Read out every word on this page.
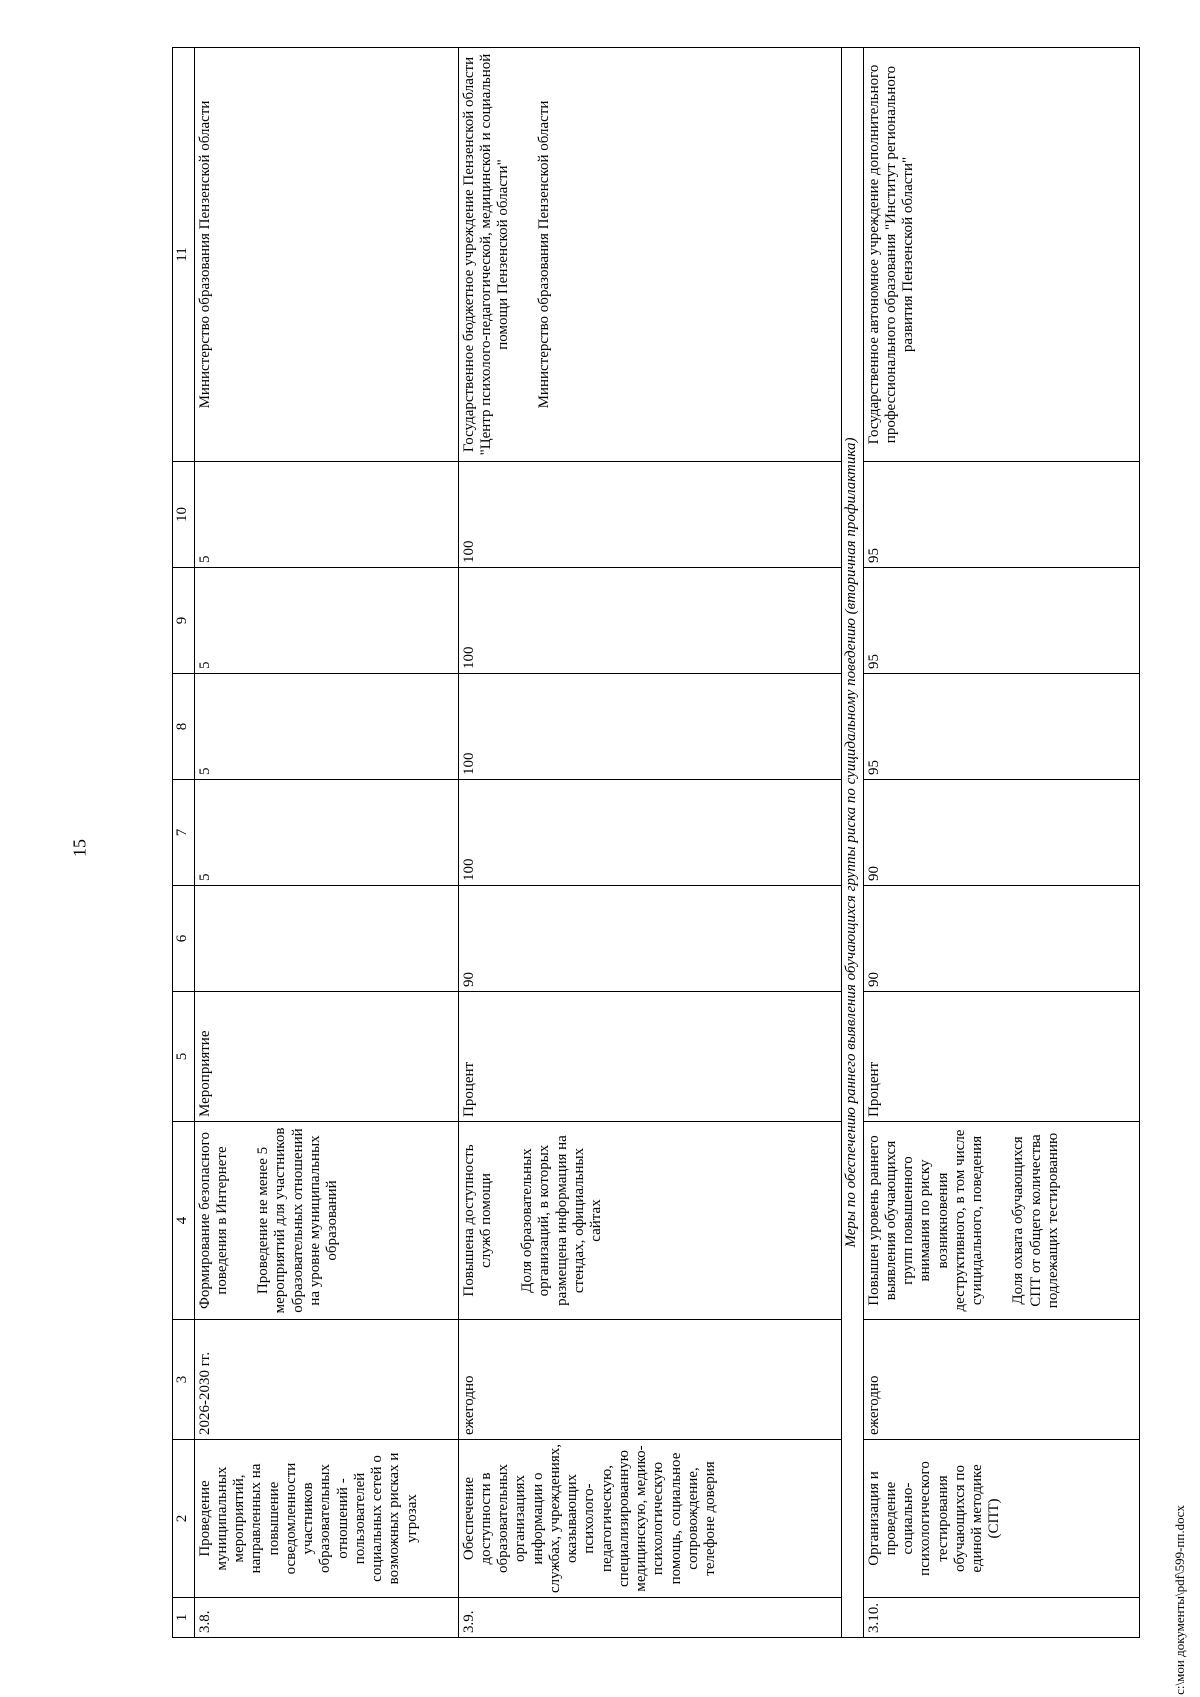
15
1	2	3	4	5	6	7	8	9	10	11
3.8.	Проведение муниципальных мероприятий, направленных на повышение осведомленности участников образовательных отношений - пользователей социальных сетей о возможных рисках и угрозах	2026-2030 гг.	Формирование безопасного поведения в Интернете Проведение не менее 5 мероприятий для участников образовательных отношений на уровне муниципальных образований	Мероприятие		5	5	5	5	Министерство образования Пензенской области
3.9.	Обеспечение доступности в образовательных организациях информации о службах, учреждениях, оказывающих психолого-педагогическую, специализированную медицинскую, медико-психологическую помощь, социальное сопровождение, телефоне доверия	ежегодно	Повышена доступность служб помощи Доля образовательных организаций, в которых размещена информация на стендах, официальных сайтах	Процент	90	100	100	100	100	Государственное бюджетное учреждение Пензенской области "Центр психолого-педагогической, медицинской и социальной помощи Пензенской области" Министерство образования Пензенской области

Меры по обеспечению раннего выявления обучающихся группы риска по суицидальному поведению (вторичная профилактика)										
3.10.	Организация и проведение социально-психологического тестирования обучающихся по единой методике (СПТ)	ежегодно	Повышен уровень раннего выявления обучающихся групп повышенного внимания по риску возникновения деструктивного, в том числе суицидального, поведения Доля охвата обучающихся СПТ от общего количества подлежащих тестированию	Процент	90	90	95	95	95	Государственное автономное учреждение дополнительного профессионального образования "Институт регионального развития Пензенской области"
c:\мои документы\pdf\599-пп.docx
